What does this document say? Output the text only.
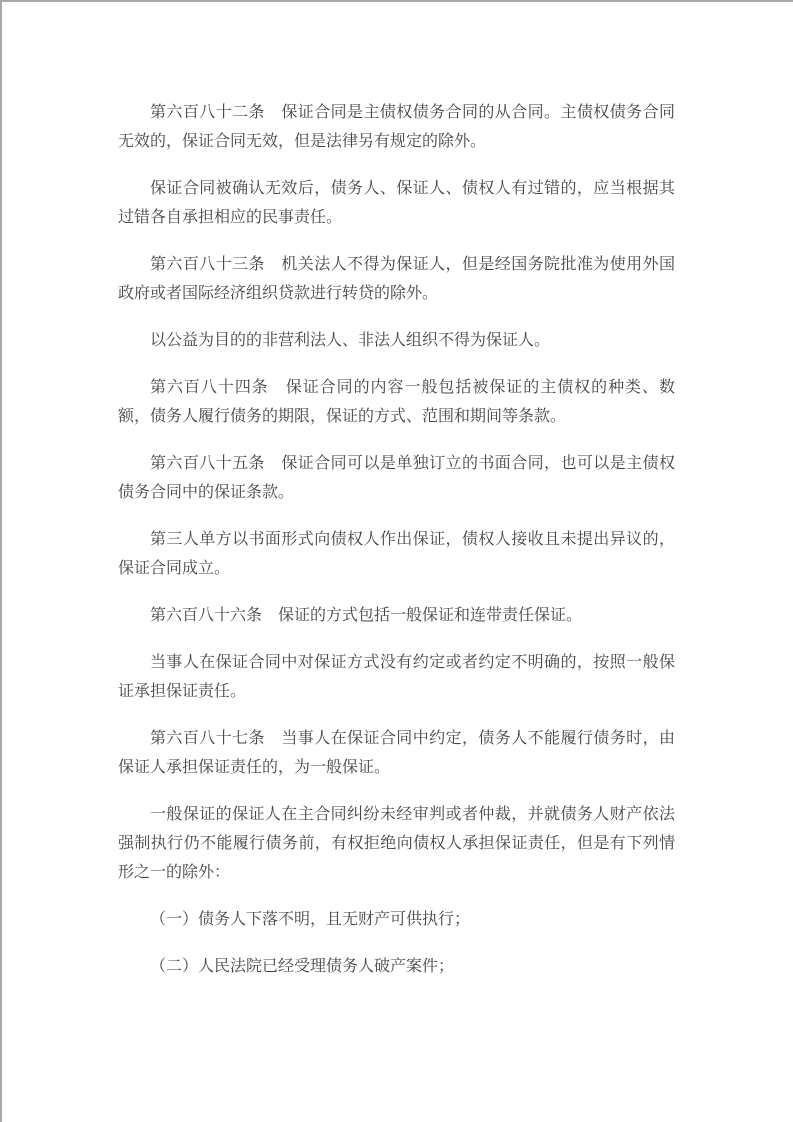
第六百八十二条　保证合同是主债权债务合同的从合同。主债权债务合同无效的，保证合同无效，但是法律另有规定的除外。

保证合同被确认无效后，债务人、保证人、债权人有过错的，应当根据其过错各自承担相应的民事责任。

第六百八十三条　机关法人不得为保证人，但是经国务院批准为使用外国政府或者国际经济组织贷款进行转贷的除外。

以公益为目的的非营利法人、非法人组织不得为保证人。

第六百八十四条　保证合同的内容一般包括被保证的主债权的种类、数额，债务人履行债务的期限，保证的方式、范围和期间等条款。

第六百八十五条　保证合同可以是单独订立的书面合同，也可以是主债权债务合同中的保证条款。

第三人单方以书面形式向债权人作出保证，债权人接收且未提出异议的，保证合同成立。

第六百八十六条　保证的方式包括一般保证和连带责任保证。

当事人在保证合同中对保证方式没有约定或者约定不明确的，按照一般保证承担保证责任。

第六百八十七条　当事人在保证合同中约定，债务人不能履行债务时，由保证人承担保证责任的，为一般保证。

一般保证的保证人在主合同纠纷未经审判或者仲裁，并就债务人财产依法强制执行仍不能履行债务前，有权拒绝向债权人承担保证责任，但是有下列情形之一的除外：

（一）债务人下落不明，且无财产可供执行；

（二）人民法院已经受理债务人破产案件；
